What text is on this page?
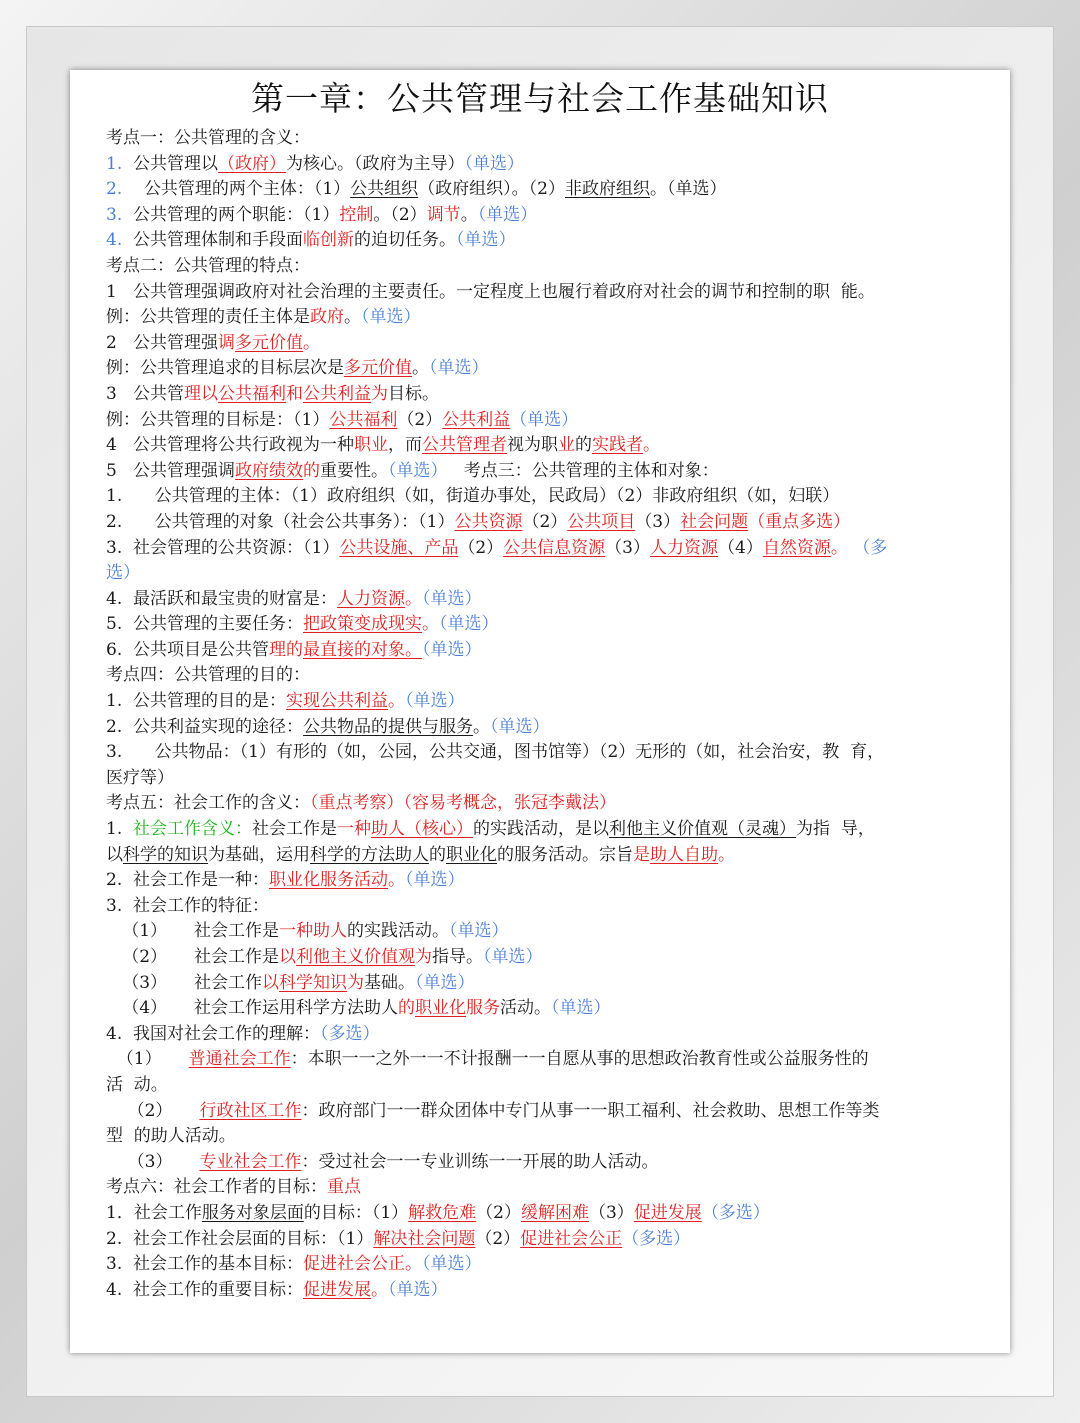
第一章：公共管理与社会工作基础知识
考点一：公共管理的含义：
1.  公共管理以（政府）为核心。（政府为主导）（单选）
2.    公共管理的两个主体：（1）公共组织（政府组织）。（2）非政府组织。（单选）
3.  公共管理的两个职能：（1）控制。（2）调节。（单选）
4.  公共管理体制和手段面临创新的迫切任务。（单选）
考点二：公共管理的特点：
1   公共管理强调政府对社会治理的主要责任。一定程度上也履行着政府对社会的调节和控制的职  能。
例：公共管理的责任主体是政府。（单选）
2   公共管理强调多元价值。
例：公共管理追求的目标层次是多元价值。（单选）
3   公共管理以公共福利和公共利益为目标。
例：公共管理的目标是：（1）公共福利（2）公共利益（单选）
4   公共管理将公共行政视为一种职业，而公共管理者视为职业的实践者。
5   公共管理强调政府绩效的重要性。（单选）   考点三：公共管理的主体和对象：
1.      公共管理的主体：（1）政府组织（如，街道办事处，民政局）（2）非政府组织（如，妇联）
2.      公共管理的对象（社会公共事务）：（1）公共资源（2）公共项目（3）社会问题（重点多选）
3.  社会管理的公共资源：（1）公共设施、产品（2）公共信息资源（3）人力资源（4）自然资源。 （多
选）
4.  最活跃和最宝贵的财富是：人力资源。（单选）
5.  公共管理的主要任务：把政策变成现实。（单选）
6.  公共项目是公共管理的最直接的对象。（单选）
考点四：公共管理的目的：
1.  公共管理的目的是：实现公共利益。（单选）
2.  公共利益实现的途径：公共物品的提供与服务。（单选）
3.      公共物品：（1）有形的（如，公园，公共交通，图书馆等）（2）无形的（如，社会治安，教  育，
医疗等）
考点五：社会工作的含义：（重点考察）（容易考概念，张冠李戴法）
1.  社会工作含义：社会工作是一种助人（核心）的实践活动，是以利他主义价值观（灵魂）为指  导，
以科学的知识为基础，运用科学的方法助人的职业化的服务活动。宗旨是助人自助。
2.  社会工作是一种：职业化服务活动。（单选）
3.  社会工作的特征：
（1）     社会工作是一种助人的实践活动。（单选）
（2）     社会工作是以利他主义价值观为指导。（单选）
（3）     社会工作以科学知识为基础。（单选）
（4）     社会工作运用科学方法助人的职业化服务活动。（单选）
4.  我国对社会工作的理解：（多选）
（1）     普通社会工作：本职一一之外一一不计报酬一一自愿从事的思想政治教育性或公益服务性的
活  动。
（2）     行政社区工作：政府部门一一群众团体中专门从事一一职工福利、社会救助、思想工作等类
型  的助人活动。
（3）     专业社会工作：受过社会一一专业训练一一开展的助人活动。
考点六：社会工作者的目标：重点
1．社会工作服务对象层面的目标：（1）解救危难（2）缓解困难（3）促进发展（多选）
2.  社会工作社会层面的目标：（1）解决社会问题（2）促进社会公正（多选）
3.  社会工作的基本目标：促进社会公正。（单选）
4.  社会工作的重要目标：促进发展。（单选）
